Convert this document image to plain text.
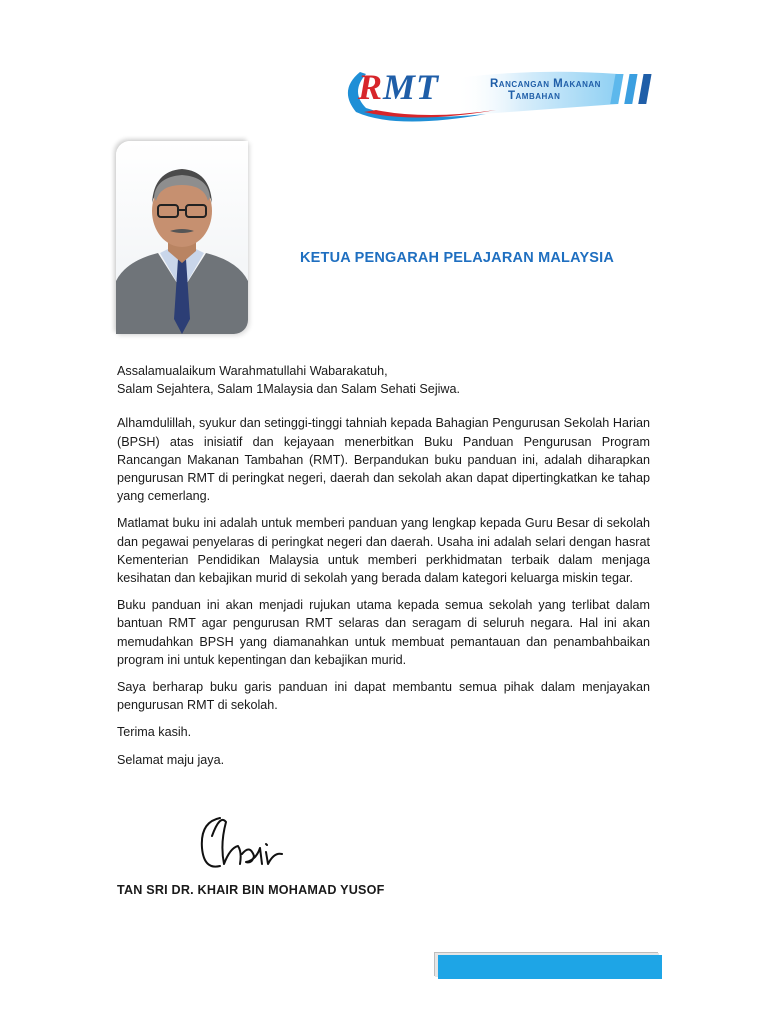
R MT	Rancangan Makanan
Tambahan
KETUA PENGARAH PELAJARAN MALAYSIA

Assalamualaikum Warahmatullahi Wabarakatuh,
Salam Sejahtera, Salam 1Malaysia dan Salam Sehati Sejiwa.

Alhamdulillah, syukur dan setinggi-tinggi tahniah kepada Bahagian Pengurusan Sekolah Harian (BPSH) atas inisiatif dan kejayaan menerbitkan Buku Panduan Pengurusan Program Rancangan Makanan Tambahan (RMT). Berpandukan buku panduan ini, adalah diharapkan pengurusan RMT di peringkat negeri, daerah dan sekolah akan dapat dipertingkatkan ke tahap yang cemerlang.

Matlamat buku ini adalah untuk memberi panduan yang lengkap kepada Guru Besar di sekolah dan pegawai penyelaras di peringkat negeri dan daerah. Usaha ini adalah selari dengan hasrat Kementerian Pendidikan Malaysia untuk memberi perkhidmatan terbaik dalam menjaga kesihatan dan kebajikan murid di sekolah yang berada dalam kategori keluarga miskin tegar.

Buku panduan ini akan menjadi rujukan utama kepada semua sekolah yang terlibat dalam bantuan RMT agar pengurusan RMT selaras dan seragam di seluruh negara. Hal ini akan memudahkan BPSH yang diamanahkan untuk membuat pemantauan dan penambahbaikan program ini untuk kepentingan dan kebajikan murid.

Saya berharap buku garis panduan ini dapat membantu semua pihak dalam menjayakan pengurusan RMT di sekolah.

Terima kasih.

Selamat maju jaya.

TAN SRI DR. KHAIR BIN MOHAMAD YUSOF
